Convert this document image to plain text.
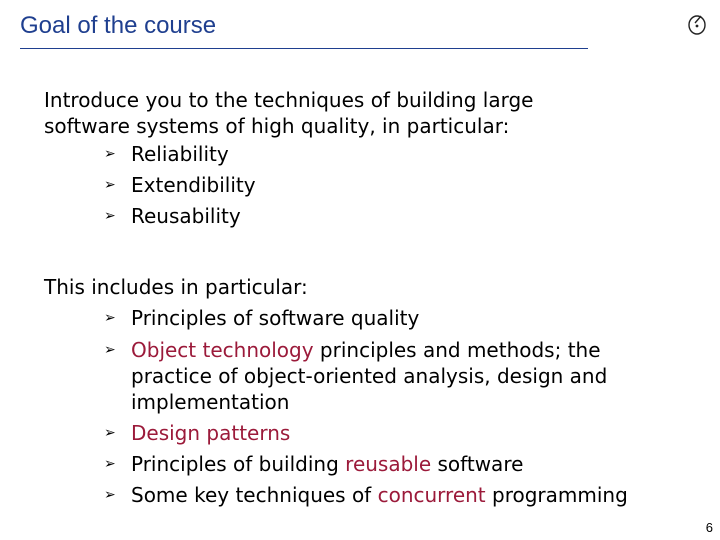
Goal of the course

Introduce you to the techniques of building large
software systems of high quality, in particular:

➢ Reliability
➢ Extendibility
➢ Reusability

This includes in particular:

➢ Principles of software quality
➢ Object technology principles and methods; the
practice of object-oriented analysis, design and
implementation
➢ Design patterns
➢ Principles of building reusable software
➢ Some key techniques of concurrent programming
6
